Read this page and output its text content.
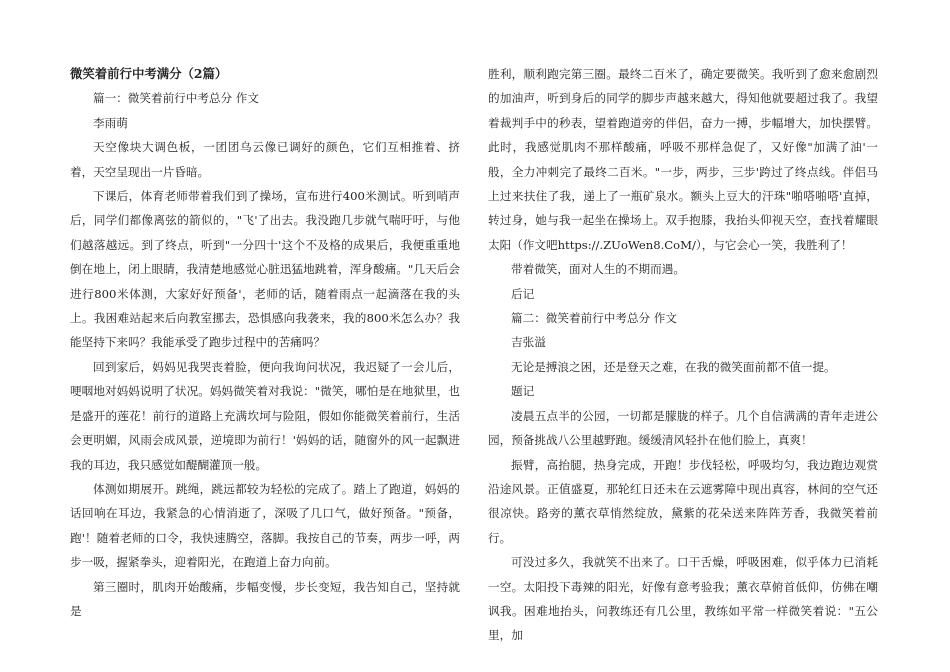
微笑着前行中考满分（2篇）

篇一：微笑着前行中考总分 作文

李雨萌

天空像块大调色板，一团团乌云像已调好的颜色，它们互相推着、挤着，天空呈现出一片昏暗。

下课后，体育老师带着我们到了操场，宣布进行400米测试。听到哨声后，同学们都像离弦的箭似的，"飞'了出去。我没跑几步就气喘吁吁，与他们越落越远。到了终点，听到"一分四十'这个不及格的成果后，我便重重地倒在地上，闭上眼睛，我清楚地感觉心脏迅猛地跳着，浑身酸痛。"几天后会进行800米体测，大家好好预备'，老师的话，随着雨点一起滴落在我的头上。我困难站起来后向教室挪去，恐惧感向我袭来，我的800米怎么办？我能坚持下来吗？我能承受了跑步过程中的苦痛吗？

回到家后，妈妈见我哭丧着脸，便向我询问状况，我迟疑了一会儿后，哽咽地对妈妈说明了状况。妈妈微笑着对我说："微笑，哪怕是在地狱里，也是盛开的莲花！前行的道路上充满坎坷与险阻，假如你能微笑着前行，生活会更明媚，风雨会成风景，逆境即为前行！'妈妈的话，随窗外的风一起飘进我的耳边，我只感觉如醍醐灌顶一般。

体测如期展开。跳绳，跳远都较为轻松的完成了。踏上了跑道，妈妈的话回响在耳边，我紧急的心情消逝了，深吸了几口气，做好预备。"预备，跑'！随着老师的口令，我快速腾空，落脚。我按自己的节奏，两步一呼，两步一吸，握紧拳头，迎着阳光，在跑道上奋力向前。

第三圈时，肌肉开始酸痛，步幅变慢，步长变短，我告知自己，坚持就是

胜利，顺利跑完第三圈。最终二百米了，确定要微笑。我听到了愈来愈剧烈的加油声，听到身后的同学的脚步声越来越大，得知他就要超过我了。我望着裁判手中的秒表，望着跑道旁的伴侣，奋力一搏，步幅增大，加快摆臂。此时，我感觉肌肉不那样酸痛，呼吸不那样急促了，又好像"加满了油'一般，全力冲刺完了最终二百米。"一步，两步，三步'跨过了终点线。伴侣马上过来扶住了我，递上了一瓶矿泉水。额头上豆大的汗珠"啪嗒啪嗒'直掉，转过身，她与我一起坐在操场上。双手抱膝，我抬头仰视天空，查找着耀眼太阳（作文吧https://.ZUoWen8.CoM/），与它会心一笑，我胜利了！

带着微笑，面对人生的不期而遇。

后记

篇二：微笑着前行中考总分 作文

吉张溢

无论是搏浪之困，还是登天之难，在我的微笑面前都不值一提。

题记

凌晨五点半的公园，一切都是朦胧的样子。几个自信满满的青年走进公园，预备挑战八公里越野跑。缓缓清风轻扑在他们脸上，真爽！

振臂，高抬腿，热身完成，开跑！步伐轻松，呼吸均匀，我边跑边观赏沿途风景。正值盛夏，那轮红日还未在云遮雾障中现出真容，林间的空气还很凉快。路旁的薰衣草悄然绽放，黛紫的花朵送来阵阵芳香，我微笑着前行。

可没过多久，我就笑不出来了。口干舌燥，呼吸困难，似乎体力已消耗一空。太阳投下毒辣的阳光，好像有意考验我；薰衣草俯首低仰，仿佛在嘲讽我。困难地抬头，问教练还有几公里，教练如平常一样微笑着说："五公里，加
